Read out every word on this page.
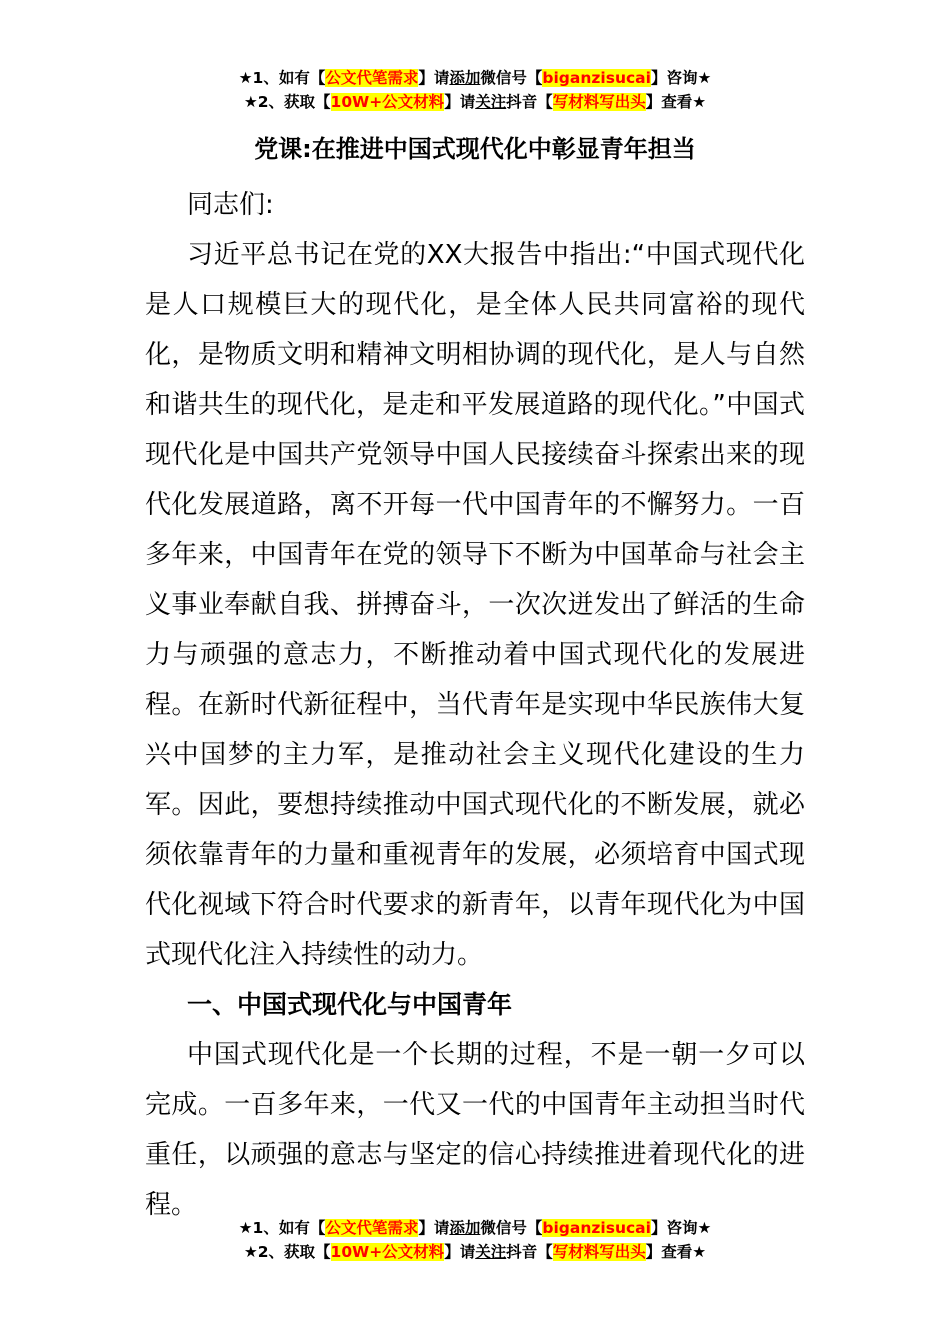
★1、如有【公文代笔需求】请添加微信号【biganzisucai】咨询★
★2、获取【10W+公文材料】请关注抖音【写材料写出头】查看★
党课:在推进中国式现代化中彰显青年担当

同志们:

习近平总书记在党的XX大报告中指出:“中国式现代化是人口规模巨大的现代化，是全体人民共同富裕的现代化，是物质文明和精神文明相协调的现代化，是人与自然和谐共生的现代化，是走和平发展道路的现代化。”中国式现代化是中国共产党领导中国人民接续奋斗探索出来的现代化发展道路，离不开每一代中国青年的不懈努力。一百多年来，中国青年在党的领导下不断为中国革命与社会主义事业奉献自我、拼搏奋斗，一次次迸发出了鲜活的生命力与顽强的意志力，不断推动着中国式现代化的发展进程。在新时代新征程中，当代青年是实现中华民族伟大复兴中国梦的主力军，是推动社会主义现代化建设的生力军。因此，要想持续推动中国式现代化的不断发展，就必须依靠青年的力量和重视青年的发展，必须培育中国式现代化视域下符合时代要求的新青年，以青年现代化为中国式现代化注入持续性的动力。

一、中国式现代化与中国青年

中国式现代化是一个长期的过程，不是一朝一夕可以完成。一百多年来，一代又一代的中国青年主动担当时代重任，以顽强的意志与坚定的信心持续推进着现代化的进程。

★1、如有【公文代笔需求】请添加微信号【biganzisucai】咨询★
★2、获取【10W+公文材料】请关注抖音【写材料写出头】查看★
